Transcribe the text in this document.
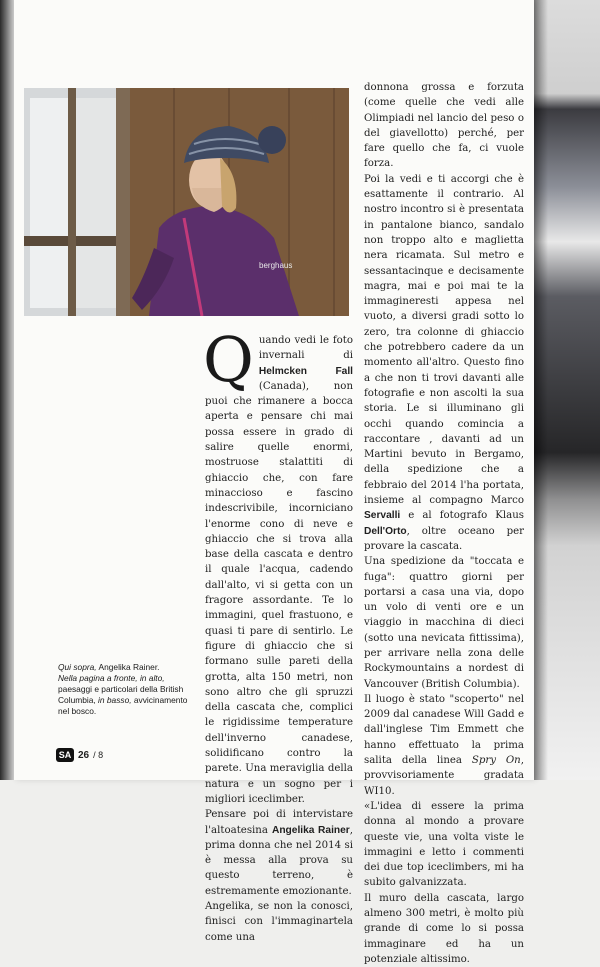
berghaus

Quando vedi le foto invernali di Helmcken Fall (Canada), non puoi che rimanere a bocca aperta e pensare chi mai possa essere in grado di salire quelle enormi, mostruose stalattiti di ghiaccio che, con fare minaccioso e fascino indescrivibile, incorniciano l'enorme cono di neve e ghiaccio che si trova alla base della cascata e dentro il quale l'acqua, cadendo dall'alto, vi si getta con un fragore assordante. Te lo immagini, quel frastuono, e quasi ti pare di sentirlo. Le figure di ghiaccio che si formano sulle pareti della grotta, alta 150 metri, non sono altro che gli spruzzi della cascata che, complici le rigidissime temperature dell'inverno canadese, solidificano contro la parete. Una meraviglia della natura e un sogno per i migliori iceclimber.

Pensare poi di intervistare l'altoatesina Angelika Rainer, prima donna che nel 2014 si è messa alla prova su questo terreno, è estremamente emozionante.

Angelika, se non la conosci, finisci con l'immaginartela come una

donnona grossa e forzuta (come quelle che vedi alle Olimpiadi nel lancio del peso o del giavellotto) perché, per fare quello che fa, ci vuole forza.

Poi la vedi e ti accorgi che è esattamente il contrario. Al nostro incontro si è presentata in pantalone bianco, sandalo non troppo alto e maglietta nera ricamata. Sul metro e sessantacinque e decisamente magra, mai e poi mai te la immagineresti appesa nel vuoto, a diversi gradi sotto lo zero, tra colonne di ghiaccio che potrebbero cadere da un momento all'altro. Questo fino a che non ti trovi davanti alle fotografie e non ascolti la sua storia. Le si illuminano gli occhi quando comincia a raccontare , davanti ad un Martini bevuto in Bergamo, della spedizione che a febbraio del 2014 l'ha portata, insieme al compagno Marco Servalli e al fotografo Klaus Dell'Orto, oltre oceano per provare la cascata.

Una spedizione da "toccata e fuga": quattro giorni per portarsi a casa una via, dopo un volo di venti ore e un viaggio in macchina di dieci (sotto una nevicata fittissima), per arrivare nella zona delle Rockymountains a nordest di Vancouver (British Columbia).

Il luogo è stato "scoperto" nel 2009 dal canadese Will Gadd e dall'inglese Tim Emmett che hanno effettuato la prima salita della linea Spry On, provvisoriamente gradata WI10.

«L'idea di essere la prima donna al mondo a provare queste vie, una volta viste le immagini e letto i commenti dei due top iceclimbers, mi ha subito galvanizzata.

Il muro della cascata, largo almeno 300 metri, è molto più grande di come lo si possa immaginare ed ha un potenziale altissimo.

Qui sopra, Angelika Rainer.
Nella pagina a fronte, in alto, paesaggi e particolari della British Columbia, in basso, avvicinamento nel bosco.
SA 26 / 8
